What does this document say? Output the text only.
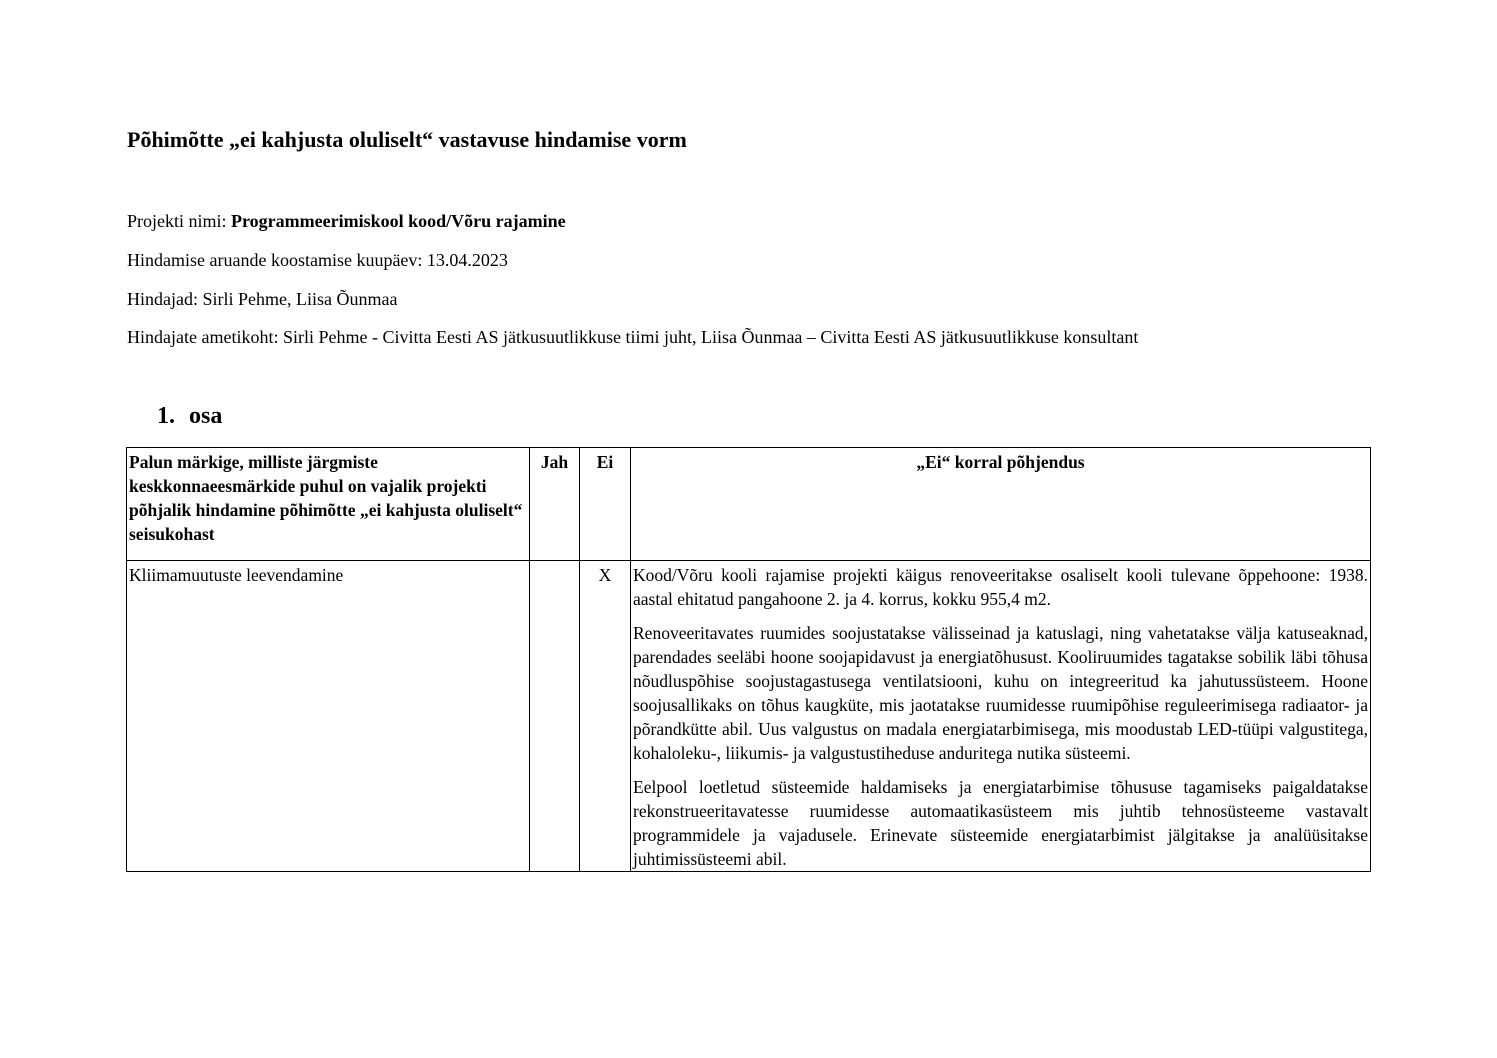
Põhimõtte „ei kahjusta oluliselt“ vastavuse hindamise vorm
Projekti nimi: Programmeerimiskool kood/Võru rajamine
Hindamise aruande koostamise kuupäev: 13.04.2023
Hindajad: Sirli Pehme, Liisa Õunmaa
Hindajate ametikoht: Sirli Pehme - Civitta Eesti AS jätkusuutlikkuse tiimi juht, Liisa Õunmaa – Civitta Eesti AS jätkusuutlikkuse konsultant
1. osa
Palun märkige, milliste järgmiste keskkonnaeesmärkide puhul on vajalik projekti põhjalik hindamine põhimõtte „ei kahjusta oluliselt“ seisukohast	Jah	Ei	„Ei“ korral põhjendus
Kliimamuutuste leevendamine		X	Kood/Võru kooli rajamise projekti käigus renoveeritakse osaliselt kooli tulevane õppehoone: 1938. aastal ehitatud pangahoone 2. ja 4. korrus, kokku 955,4 m2.

Renoveeritavates ruumides soojustatakse välisseinad ja katuslagi, ning vahetatakse välja katuseaknad, parendades seeläbi hoone soojapidavust ja energiatõhusust. Kooliruumides tagatakse sobilik läbi tõhusa nõudluspõhise soojustagastusega ventilatsiooni, kuhu on integreeritud ka jahutussüsteem. Hoone soojusallikaks on tõhus kaugküte, mis jaotatakse ruumidesse ruumipõhise reguleerimisega radiaator- ja põrandkütte abil. Uus valgustus on madala energiatarbimisega, mis moodustab LED-tüüpi valgustitega, kohaloleku-, liikumis- ja valgustustiheduse anduritega nutika süsteemi.

Eelpool loetletud süsteemide haldamiseks ja energiatarbimise tõhususe tagamiseks paigaldatakse rekonstrueeritavatesse ruumidesse automaatikasüsteem mis juhtib tehnosüsteeme vastavalt programmidele ja vajadusele. Erinevate süsteemide energiatarbimist jälgitakse ja analüüsitakse juhtimissüsteemi abil.
